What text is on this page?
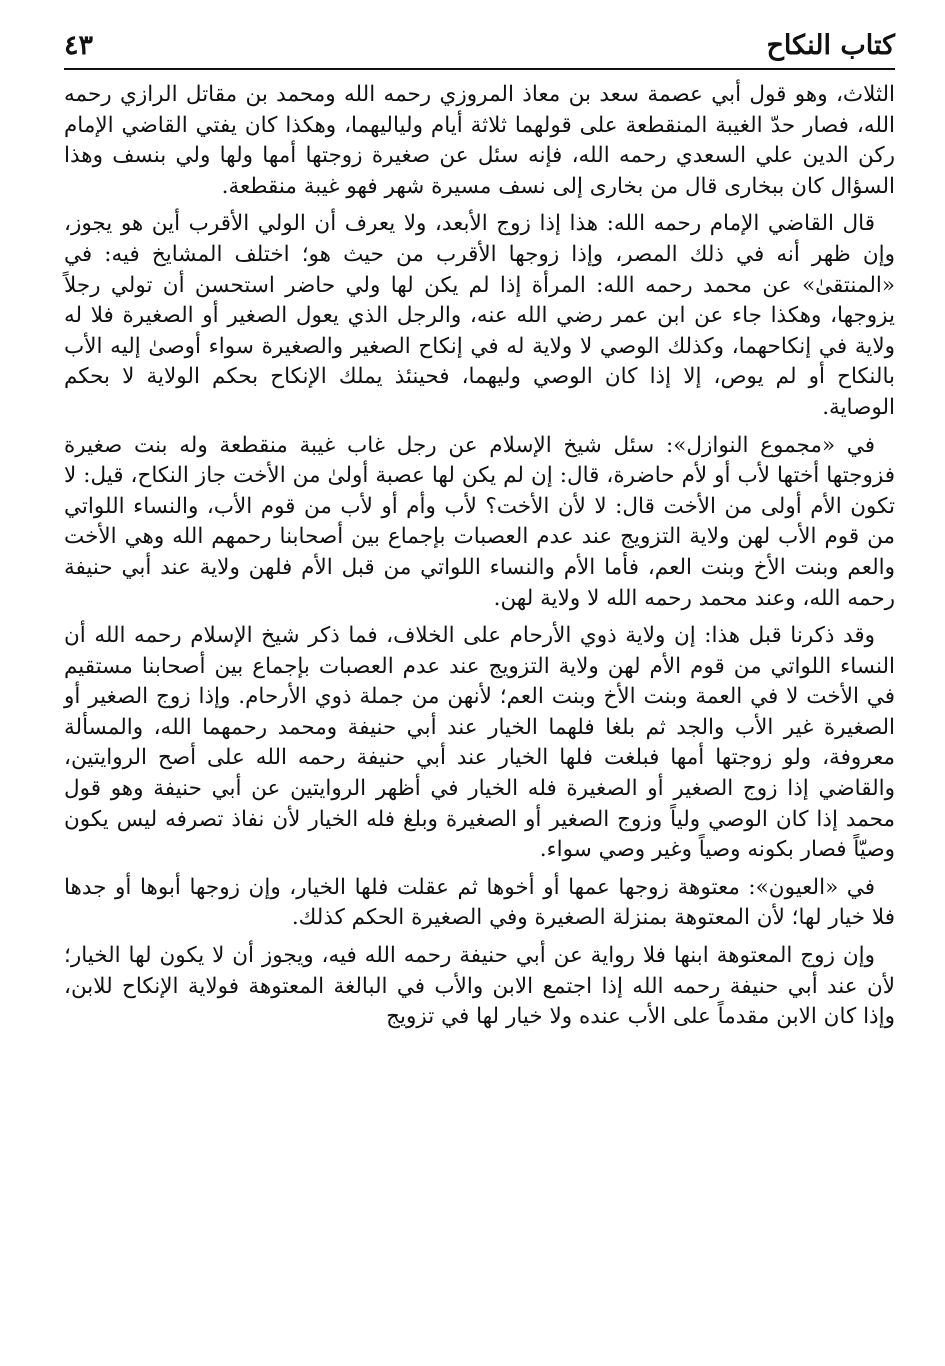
كتاب النكاح
٤٣

الثلاث، وهو قول أبي عصمة سعد بن معاذ المروزي رحمه الله ومحمد بن مقاتل الرازي رحمه الله، فصار حدّ الغيبة المنقطعة على قولهما ثلاثة أيام ولياليهما، وهكذا كان يفتي القاضي الإمام ركن الدين علي السعدي رحمه الله، فإنه سئل عن صغيرة زوجتها أمها ولها ولي بنسف وهذا السؤال كان ببخارى قال من بخارى إلى نسف مسيرة شهر فهو غيبة منقطعة.

قال القاضي الإمام رحمه الله: هذا إذا زوج الأبعد، ولا يعرف أن الولي الأقرب أين هو يجوز، وإن ظهر أنه في ذلك المصر، وإذا زوجها الأقرب من حيث هو؛ اختلف المشايخ فيه: في «المنتقىٰ» عن محمد رحمه الله: المرأة إذا لم يكن لها ولي حاضر استحسن أن تولي رجلاً يزوجها، وهكذا جاء عن ابن عمر رضي الله عنه، والرجل الذي يعول الصغير أو الصغيرة فلا له ولاية في إنكاحهما، وكذلك الوصي لا ولاية له في إنكاح الصغير والصغيرة سواء أوصىٰ إليه الأب بالنكاح أو لم يوص، إلا إذا كان الوصي وليهما، فحينئذ يملك الإنكاح بحكم الولاية لا بحكم الوصاية.

في «مجموع النوازل»: سئل شيخ الإسلام عن رجل غاب غيبة منقطعة وله بنت صغيرة فزوجتها أختها لأب أو لأم حاضرة، قال: إن لم يكن لها عصبة أولىٰ من الأخت جاز النكاح، قيل: لا تكون الأم أولى من الأخت قال: لا لأن الأخت؟ لأب وأم أو لأب من قوم الأب، والنساء اللواتي من قوم الأب لهن ولاية التزويج عند عدم العصبات بإجماع بين أصحابنا رحمهم الله وهي الأخت والعم وبنت الأخ وبنت العم، فأما الأم والنساء اللواتي من قبل الأم فلهن ولاية عند أبي حنيفة رحمه الله، وعند محمد رحمه الله لا ولاية لهن.

وقد ذكرنا قبل هذا: إن ولاية ذوي الأرحام على الخلاف، فما ذكر شيخ الإسلام رحمه الله أن النساء اللواتي من قوم الأم لهن ولاية التزويج عند عدم العصبات بإجماع بين أصحابنا مستقيم في الأخت لا في العمة وبنت الأخ وبنت العم؛ لأنهن من جملة ذوي الأرحام. وإذا زوج الصغير أو الصغيرة غير الأب والجد ثم بلغا فلهما الخيار عند أبي حنيفة ومحمد رحمهما الله، والمسألة معروفة، ولو زوجتها أمها فبلغت فلها الخيار عند أبي حنيفة رحمه الله على أصح الروايتين، والقاضي إذا زوج الصغير أو الصغيرة فله الخيار في أظهر الروايتين عن أبي حنيفة وهو قول محمد إذا كان الوصي ولياً وزوج الصغير أو الصغيرة وبلغ فله الخيار لأن نفاذ تصرفه ليس يكون وصيّاً فصار بكونه وصياً وغير وصي سواء.

في «العيون»: معتوهة زوجها عمها أو أخوها ثم عقلت فلها الخيار، وإن زوجها أبوها أو جدها فلا خيار لها؛ لأن المعتوهة بمنزلة الصغيرة وفي الصغيرة الحكم كذلك.

وإن زوج المعتوهة ابنها فلا رواية عن أبي حنيفة رحمه الله فيه، ويجوز أن لا يكون لها الخيار؛ لأن عند أبي حنيفة رحمه الله إذا اجتمع الابن والأب في البالغة المعتوهة فولاية الإنكاح للابن، وإذا كان الابن مقدماً على الأب عنده ولا خيار لها في تزويج
